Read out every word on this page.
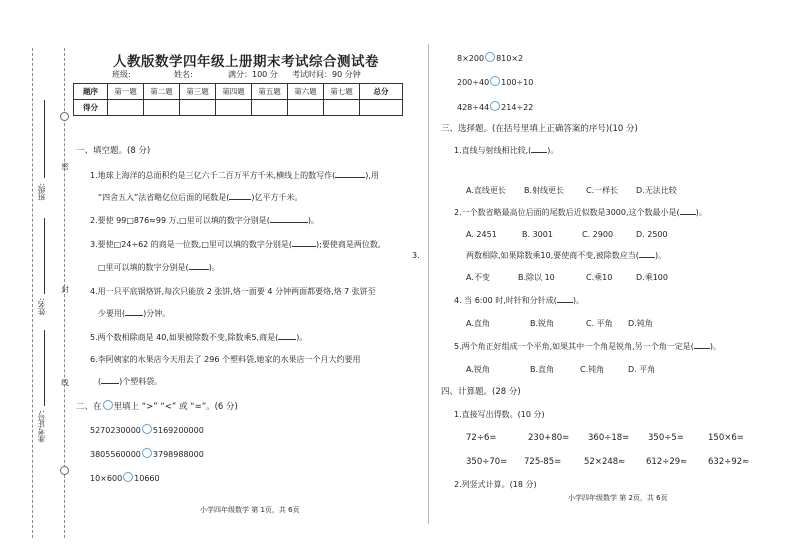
密
封
线
班级:
姓名:
准考证号:
人教版数学四年级上册期末考试综合测试卷
班级:	姓名:	满分：100 分 考试时间：90 分钟
题序	第一题	第二题	第三题	第四题	第五题	第六题	第七题	总分
得分								
一、填空题。(8 分)
1.地球上海洋的总面积约是三亿六千二百万平方千米,横线上的数写作(	),用
“四舍五入”法省略亿位后面的尾数是(	)亿平方千米。
2.要使 99□876≈99 万,□里可以填的数字分别是(	)。
3.要使□24÷62 的商是一位数,□里可以填的数字分别是(	);要使商是两位数,
3.
□里可以填的数字分别是(	)。
4.用一只平底锅烙饼,每次只能放 2 张饼,烙一面要 4 分钟两面都要烙,烙 7 张饼至
少要用( )分钟。
5.两个数相除商是 40,如果被除数不变,除数乘5,商是( )。
6.李阿姨家的水果店今天用去了 296 个塑料袋,她家的水果店一个月大约要用
( )个塑料袋。
二、在 里填上 “>” “<” 或 “=”。(6 分)
5270230000 5169200000
3805560000 3798988000
10×600 10660
小学四年级数学 第 1页，共 6页
8×200 810×2
200÷40 100÷10
428÷44 214÷22
三、选择题。(在括号里填上正确答案的序号)(10 分)
1.直线与射线相比较,( )。
A.直线更长 B.射线更长	C.一样长 D.无法比较
2.一个数省略最高位后面的尾数后近似数是3000,这个数最小是( )。
A. 2451	B. 3001	C. 2900	D. 2500
两数相除,如果除数乘10,要使商不变,被除数应当( )。
A.不变	B.除以 10	C.乘10	D.乘100
4. 当 6:00 时,时针和分针成( )。
A.直角	B.锐角	C. 平角 D.钝角
5.两个角正好组成一个平角,如果其中一个角是锐角,另一个角一定是( )。
A.锐角	B.直角	C.钝角	D. 平角
四、计算题。(28 分)
1.直接写出得数。(10 分)
72÷6=	230+80= 360÷18= 350÷5=	150×6=
350÷70= 725-85=	52×248≈ 612÷29≈ 632÷92≈
2.列竖式计算。(18 分)
小学四年级数学 第 2页，共 6页
